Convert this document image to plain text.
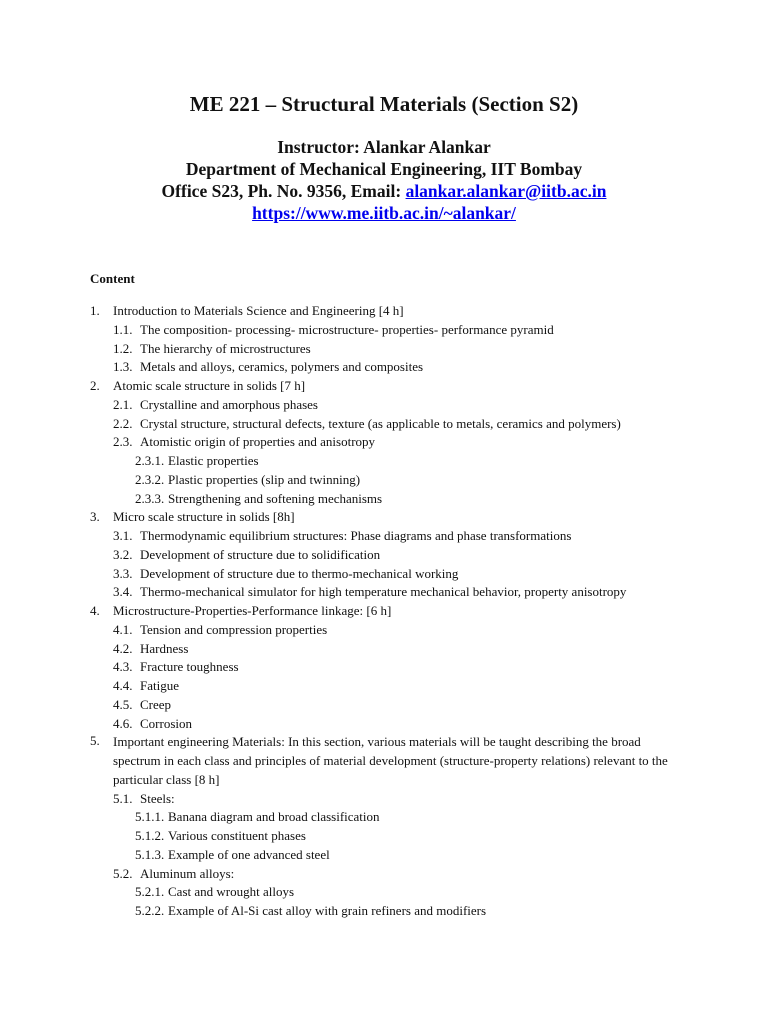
ME 221 – Structural Materials (Section S2)
Instructor: Alankar Alankar
Department of Mechanical Engineering, IIT Bombay
Office S23, Ph. No. 9356, Email: alankar.alankar@iitb.ac.in
https://www.me.iitb.ac.in/~alankar/
Content
1. Introduction to Materials Science and Engineering [4 h]
1.1. The composition- processing- microstructure- properties- performance pyramid
1.2. The hierarchy of microstructures
1.3. Metals and alloys, ceramics, polymers and composites
2. Atomic scale structure in solids [7 h]
2.1. Crystalline and amorphous phases
2.2. Crystal structure, structural defects, texture (as applicable to metals, ceramics and polymers)
2.3. Atomistic origin of properties and anisotropy
2.3.1. Elastic properties
2.3.2. Plastic properties (slip and twinning)
2.3.3. Strengthening and softening mechanisms
3. Micro scale structure in solids [8h]
3.1. Thermodynamic equilibrium structures: Phase diagrams and phase transformations
3.2. Development of structure due to solidification
3.3. Development of structure due to thermo-mechanical working
3.4. Thermo-mechanical simulator for high temperature mechanical behavior, property anisotropy
4. Microstructure-Properties-Performance linkage: [6 h]
4.1. Tension and compression properties
4.2. Hardness
4.3. Fracture toughness
4.4. Fatigue
4.5. Creep
4.6. Corrosion
5. Important engineering Materials: In this section, various materials will be taught describing the broad spectrum in each class and principles of material development (structure-property relations) relevant to the particular class [8 h]
5.1. Steels:
5.1.1. Banana diagram and broad classification
5.1.2. Various constituent phases
5.1.3. Example of one advanced steel
5.2. Aluminum alloys:
5.2.1. Cast and wrought alloys
5.2.2. Example of Al-Si cast alloy with grain refiners and modifiers
